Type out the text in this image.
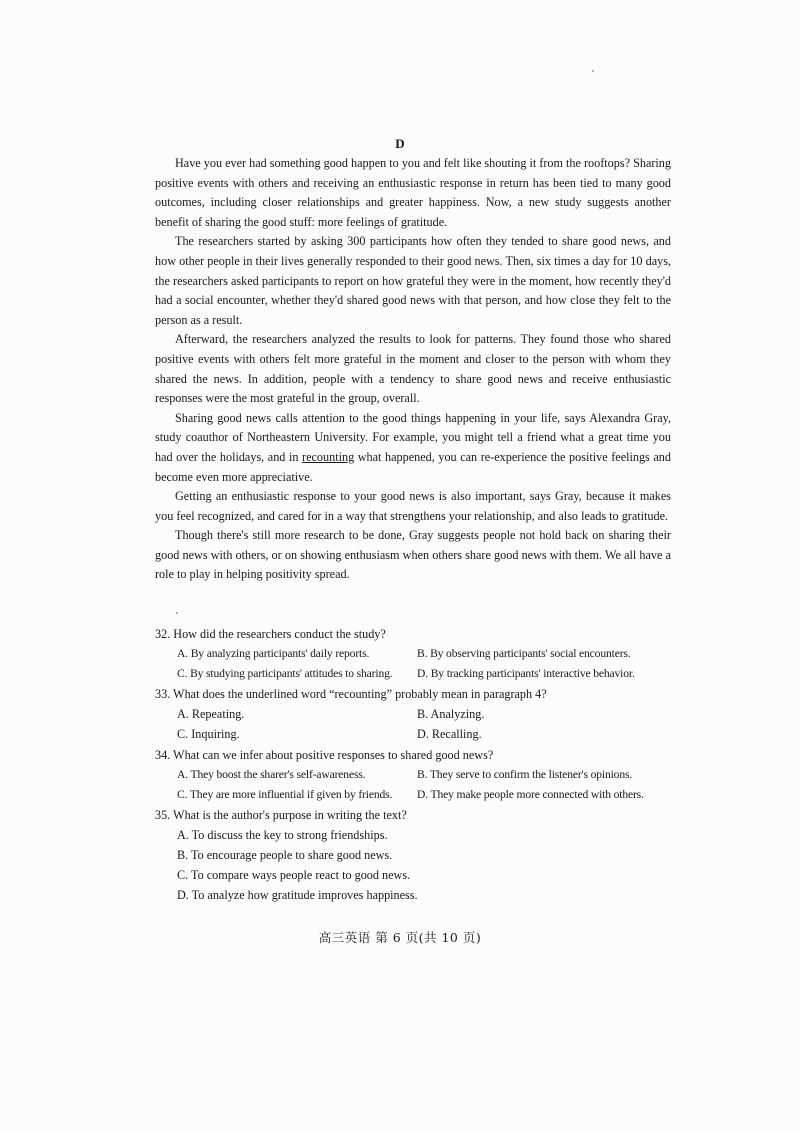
D

Have you ever had something good happen to you and felt like shouting it from the rooftops? Sharing positive events with others and receiving an enthusiastic response in return has been tied to many good outcomes, including closer relationships and greater happiness. Now, a new study suggests another benefit of sharing the good stuff: more feelings of gratitude.

The researchers started by asking 300 participants how often they tended to share good news, and how other people in their lives generally responded to their good news. Then, six times a day for 10 days, the researchers asked participants to report on how grateful they were in the moment, how recently they'd had a social encounter, whether they'd shared good news with that person, and how close they felt to the person as a result.

Afterward, the researchers analyzed the results to look for patterns. They found those who shared positive events with others felt more grateful in the moment and closer to the person with whom they shared the news. In addition, people with a tendency to share good news and receive enthusiastic responses were the most grateful in the group, overall.

Sharing good news calls attention to the good things happening in your life, says Alexandra Gray, study coauthor of Northeastern University. For example, you might tell a friend what a great time you had over the holidays, and in recounting what happened, you can re-experience the positive feelings and become even more appreciative.

Getting an enthusiastic response to your good news is also important, says Gray, because it makes you feel recognized, and cared for in a way that strengthens your relationship, and also leads to gratitude.

Though there's still more research to be done, Gray suggests people not hold back on sharing their good news with others, or on showing enthusiasm when others share good news with them. We all have a role to play in helping positivity spread.

32. How did the researchers conduct the study?
A. By analyzing participants' daily reports.	B. By observing participants' social encounters.
C. By studying participants' attitudes to sharing.	D. By tracking participants' interactive behavior.
33. What does the underlined word “recounting” probably mean in paragraph 4?
A. Repeating.	B. Analyzing.
C. Inquiring.	D. Recalling.
34. What can we infer about positive responses to shared good news?
A. They boost the sharer's self-awareness.	B. They serve to confirm the listener's opinions.
C. They are more influential if given by friends.	D. They make people more connected with others.
35. What is the author's purpose in writing the text?
A. To discuss the key to strong friendships.
B. To encourage people to share good news.
C. To compare ways people react to good news.
D. To analyze how gratitude improves happiness.
高三英语 第 6 页(共 10 页)
